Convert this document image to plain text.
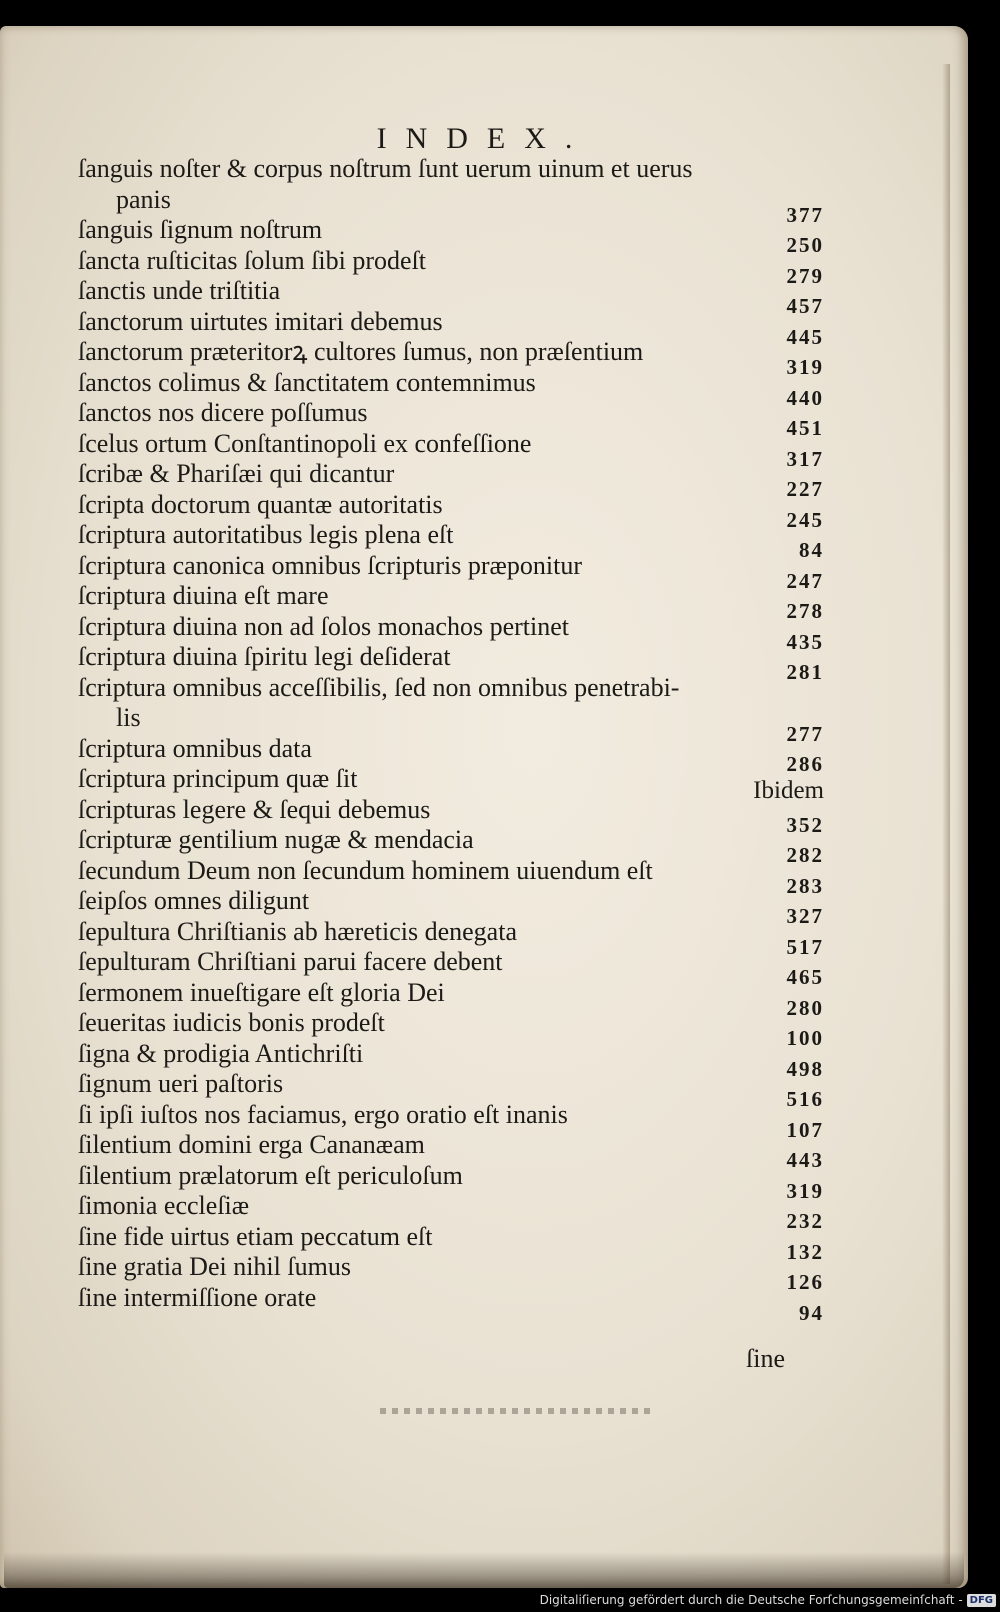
INDEX.
ſanguis noſter & corpus noſtrum ſunt uerum uinum et uerus
panis
377
ſanguis ſignum noſtrum
250
ſancta ruſticitas ſolum ſibi prodeſt
279
ſanctis unde triſtitia
457
ſanctorum uirtutes imitari debemus
445
ſanctorum præteritorꝝ cultores ſumus, non præſentium
319
ſanctos colimus & ſanctitatem contemnimus
440
ſanctos nos dicere poſſumus
451
ſcelus ortum Conſtantinopoli ex confeſſione
317
ſcribæ & Phariſæi qui dicantur
227
ſcripta doctorum quantæ autoritatis
245
ſcriptura autoritatibus legis plena eſt
84
ſcriptura canonica omnibus ſcripturis præponitur
247
ſcriptura diuina eſt mare
278
ſcriptura diuina non ad ſolos monachos pertinet
435
ſcriptura diuina ſpiritu legi deſiderat
281
ſcriptura omnibus acceſſibilis, ſed non omnibus penetrabi-
lis
277
ſcriptura omnibus data
286
ſcriptura principum quæ ſit	Ibidem
ſcripturas legere & ſequi debemus
352
ſcripturæ gentilium nugæ & mendacia
282
ſecundum Deum non ſecundum hominem uiuendum eſt
283
ſeipſos omnes diligunt
327
ſepultura Chriſtianis ab hæreticis denegata
517
ſepulturam Chriſtiani parui facere debent
465
ſermonem inueſtigare eſt gloria Dei
280
ſeueritas iudicis bonis prodeſt
100
ſigna & prodigia Antichriſti
498
ſignum ueri paſtoris
516
ſi ipſi iuſtos nos faciamus, ergo oratio eſt inanis
107
ſilentium domini erga Cananæam
443
ſilentium prælatorum eſt periculoſum
319
ſimonia eccleſiæ
232
ſine fide uirtus etiam peccatum eſt
132
ſine gratia Dei nihil ſumus
126
ſine intermiſſione orate
94
ſine
Digitaliſierung gefördert durch die Deutsche Forſchungsgemeinſchaft - DFG
